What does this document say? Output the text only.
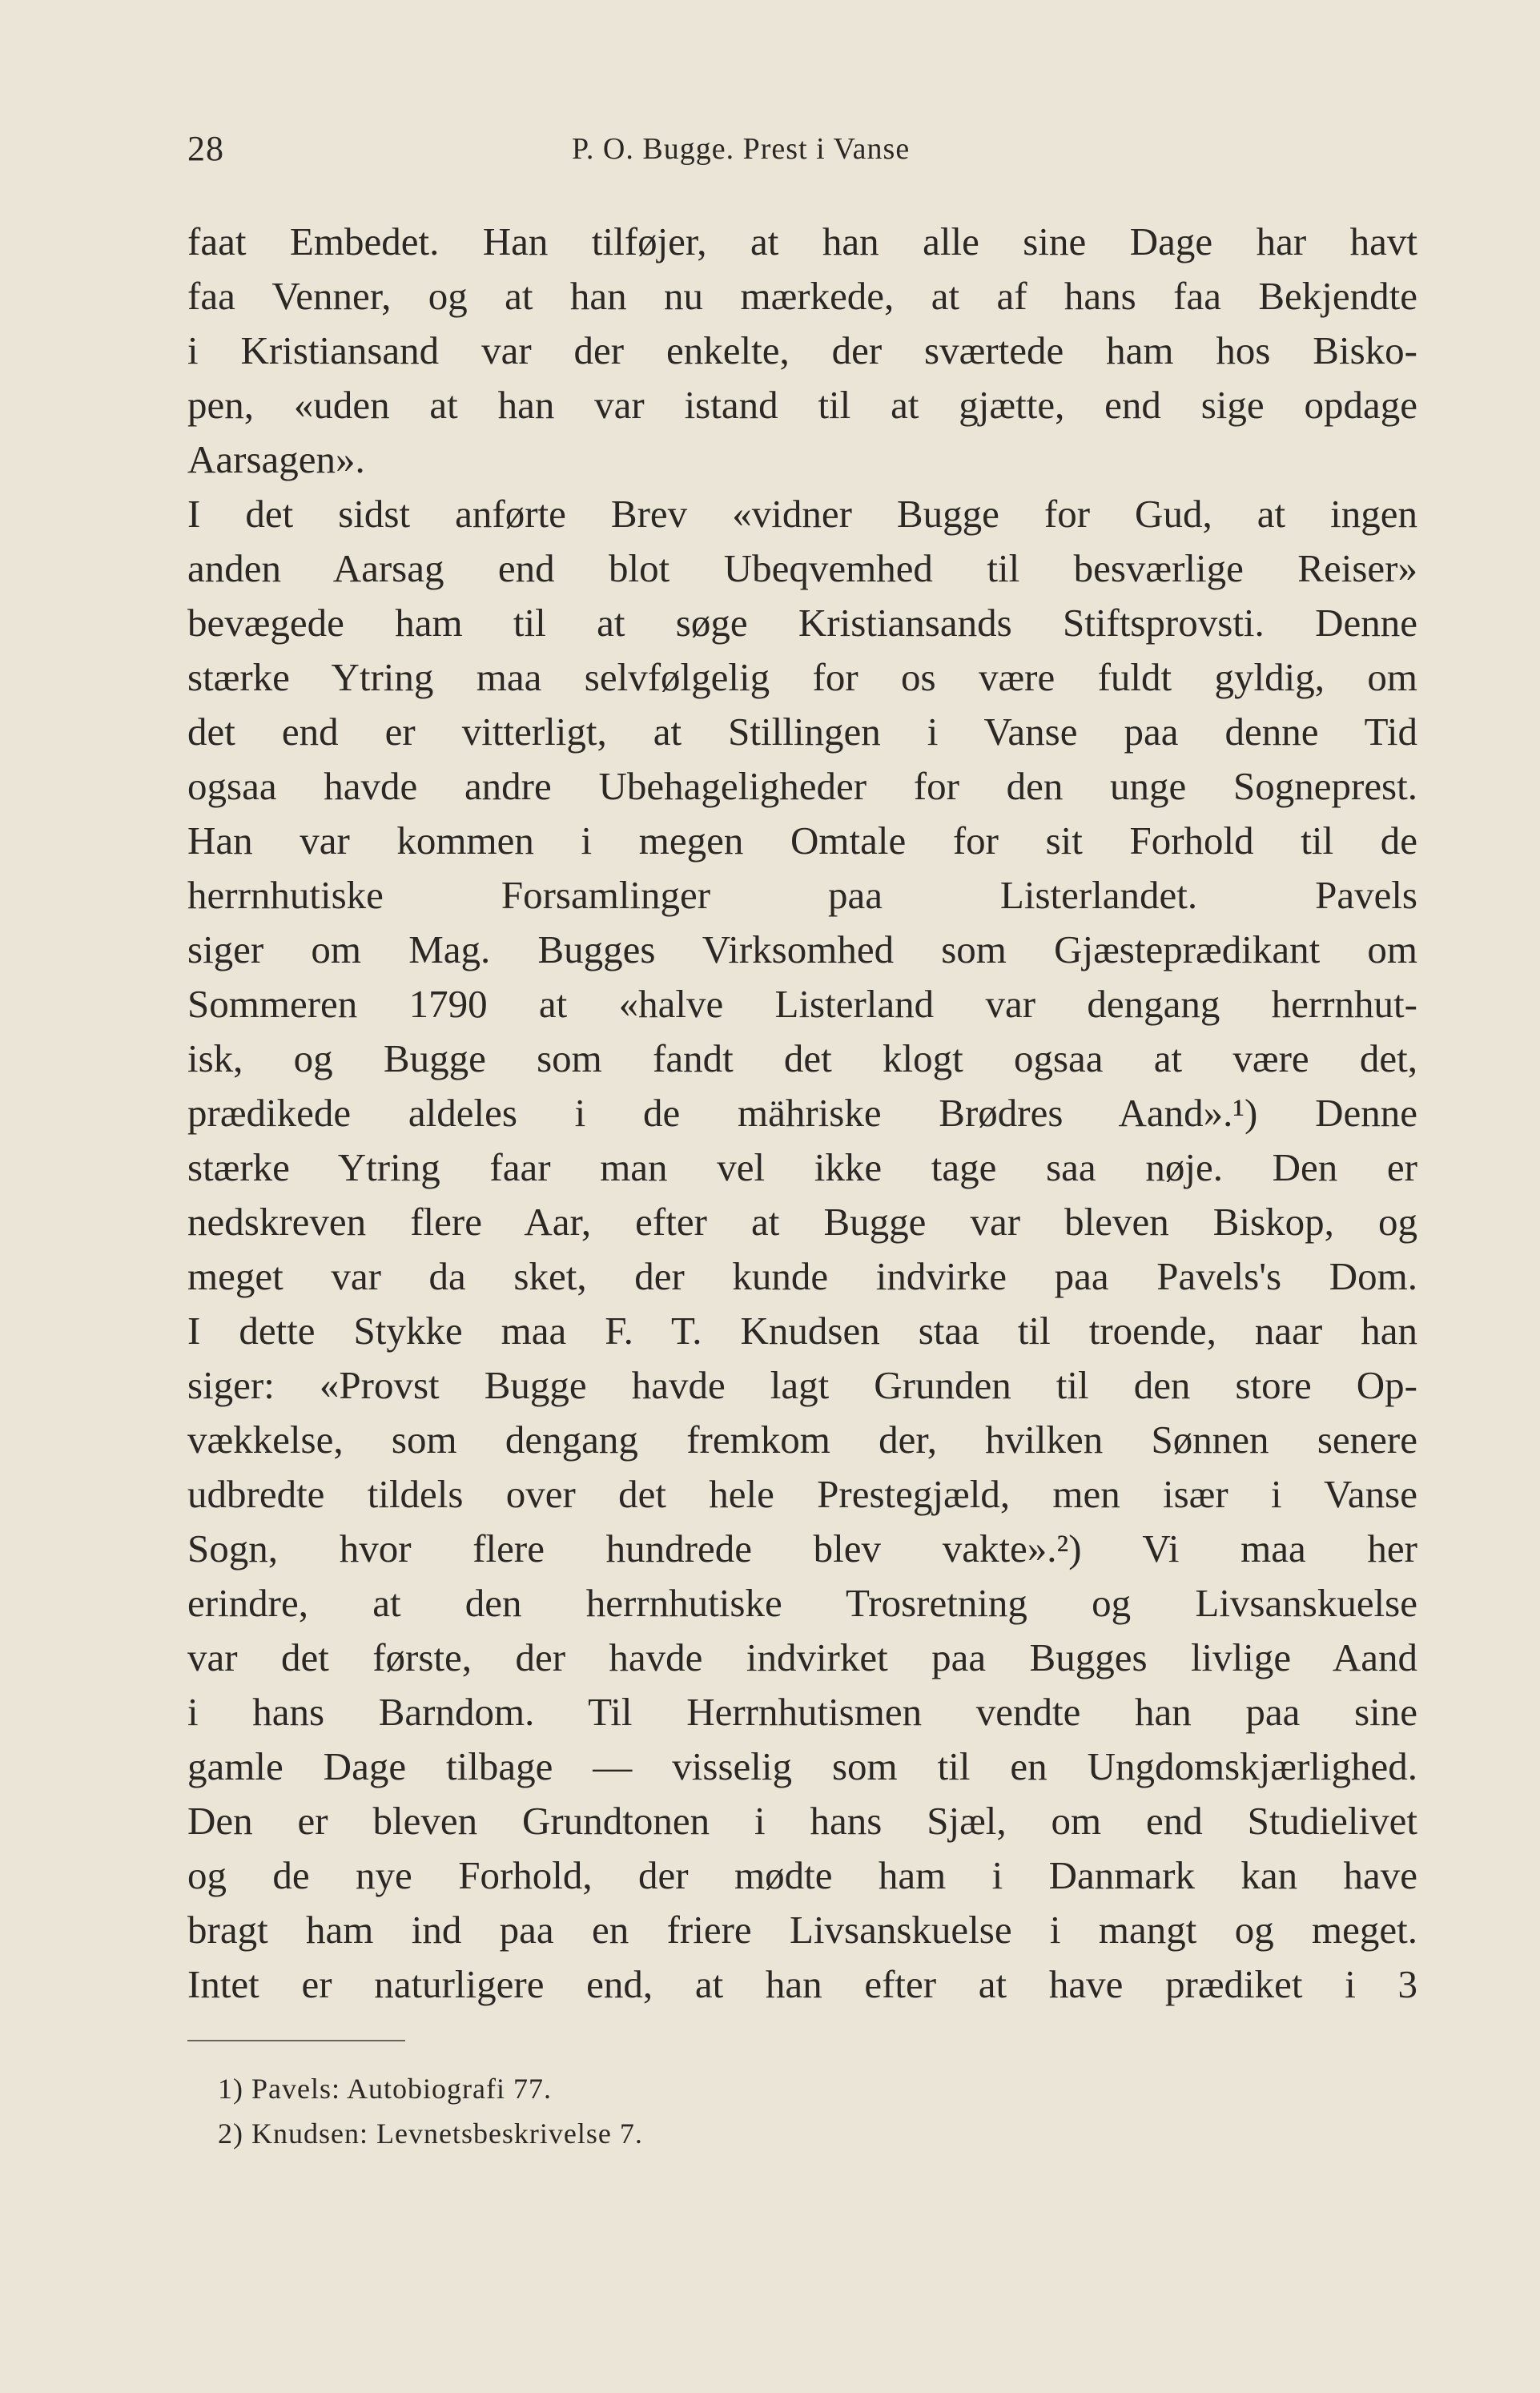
28	P. O. Bugge. Prest i Vanse
faat Embedet. Han tilføjer, at han alle sine Dage har havt
faa Venner, og at han nu mærkede, at af hans faa Bekjendte
i Kristiansand var der enkelte, der sværtede ham hos Bisko-
pen, «uden at han var istand til at gjætte, end sige opdage
Aarsagen».
I det sidst anførte Brev «vidner Bugge for Gud, at ingen
anden Aarsag end blot Ubeqvemhed til besværlige Reiser»
bevægede ham til at søge Kristiansands Stiftsprovsti. Denne
stærke Ytring maa selvfølgelig for os være fuldt gyldig, om
det end er vitterligt, at Stillingen i Vanse paa denne Tid
ogsaa havde andre Ubehageligheder for den unge Sogneprest.
Han var kommen i megen Omtale for sit Forhold til de
herrnhutiske Forsamlinger paa Listerlandet. Pavels
siger om Mag. Bugges Virksomhed som Gjæsteprædikant om
Sommeren 1790 at «halve Listerland var dengang herrnhut-
isk, og Bugge som fandt det klogt ogsaa at være det,
prædikede aldeles i de mähriske Brødres Aand».¹) Denne
stærke Ytring faar man vel ikke tage saa nøje. Den er
nedskreven flere Aar, efter at Bugge var bleven Biskop, og
meget var da sket, der kunde indvirke paa Pavels's Dom.
I dette Stykke maa F. T. Knudsen staa til troende, naar han
siger: «Provst Bugge havde lagt Grunden til den store Op-
vækkelse, som dengang fremkom der, hvilken Sønnen senere
udbredte tildels over det hele Prestegjæld, men især i Vanse
Sogn, hvor flere hundrede blev vakte».²) Vi maa her
erindre, at den herrnhutiske Trosretning og Livsanskuelse
var det første, der havde indvirket paa Bugges livlige Aand
i hans Barndom. Til Herrnhutismen vendte han paa sine
gamle Dage tilbage — visselig som til en Ungdomskjærlighed.
Den er bleven Grundtonen i hans Sjæl, om end Studielivet
og de nye Forhold, der mødte ham i Danmark kan have
bragt ham ind paa en friere Livsanskuelse i mangt og meget.
Intet er naturligere end, at han efter at have prædiket i 3
1) Pavels: Autobiografi 77.
2) Knudsen: Levnetsbeskrivelse 7.
